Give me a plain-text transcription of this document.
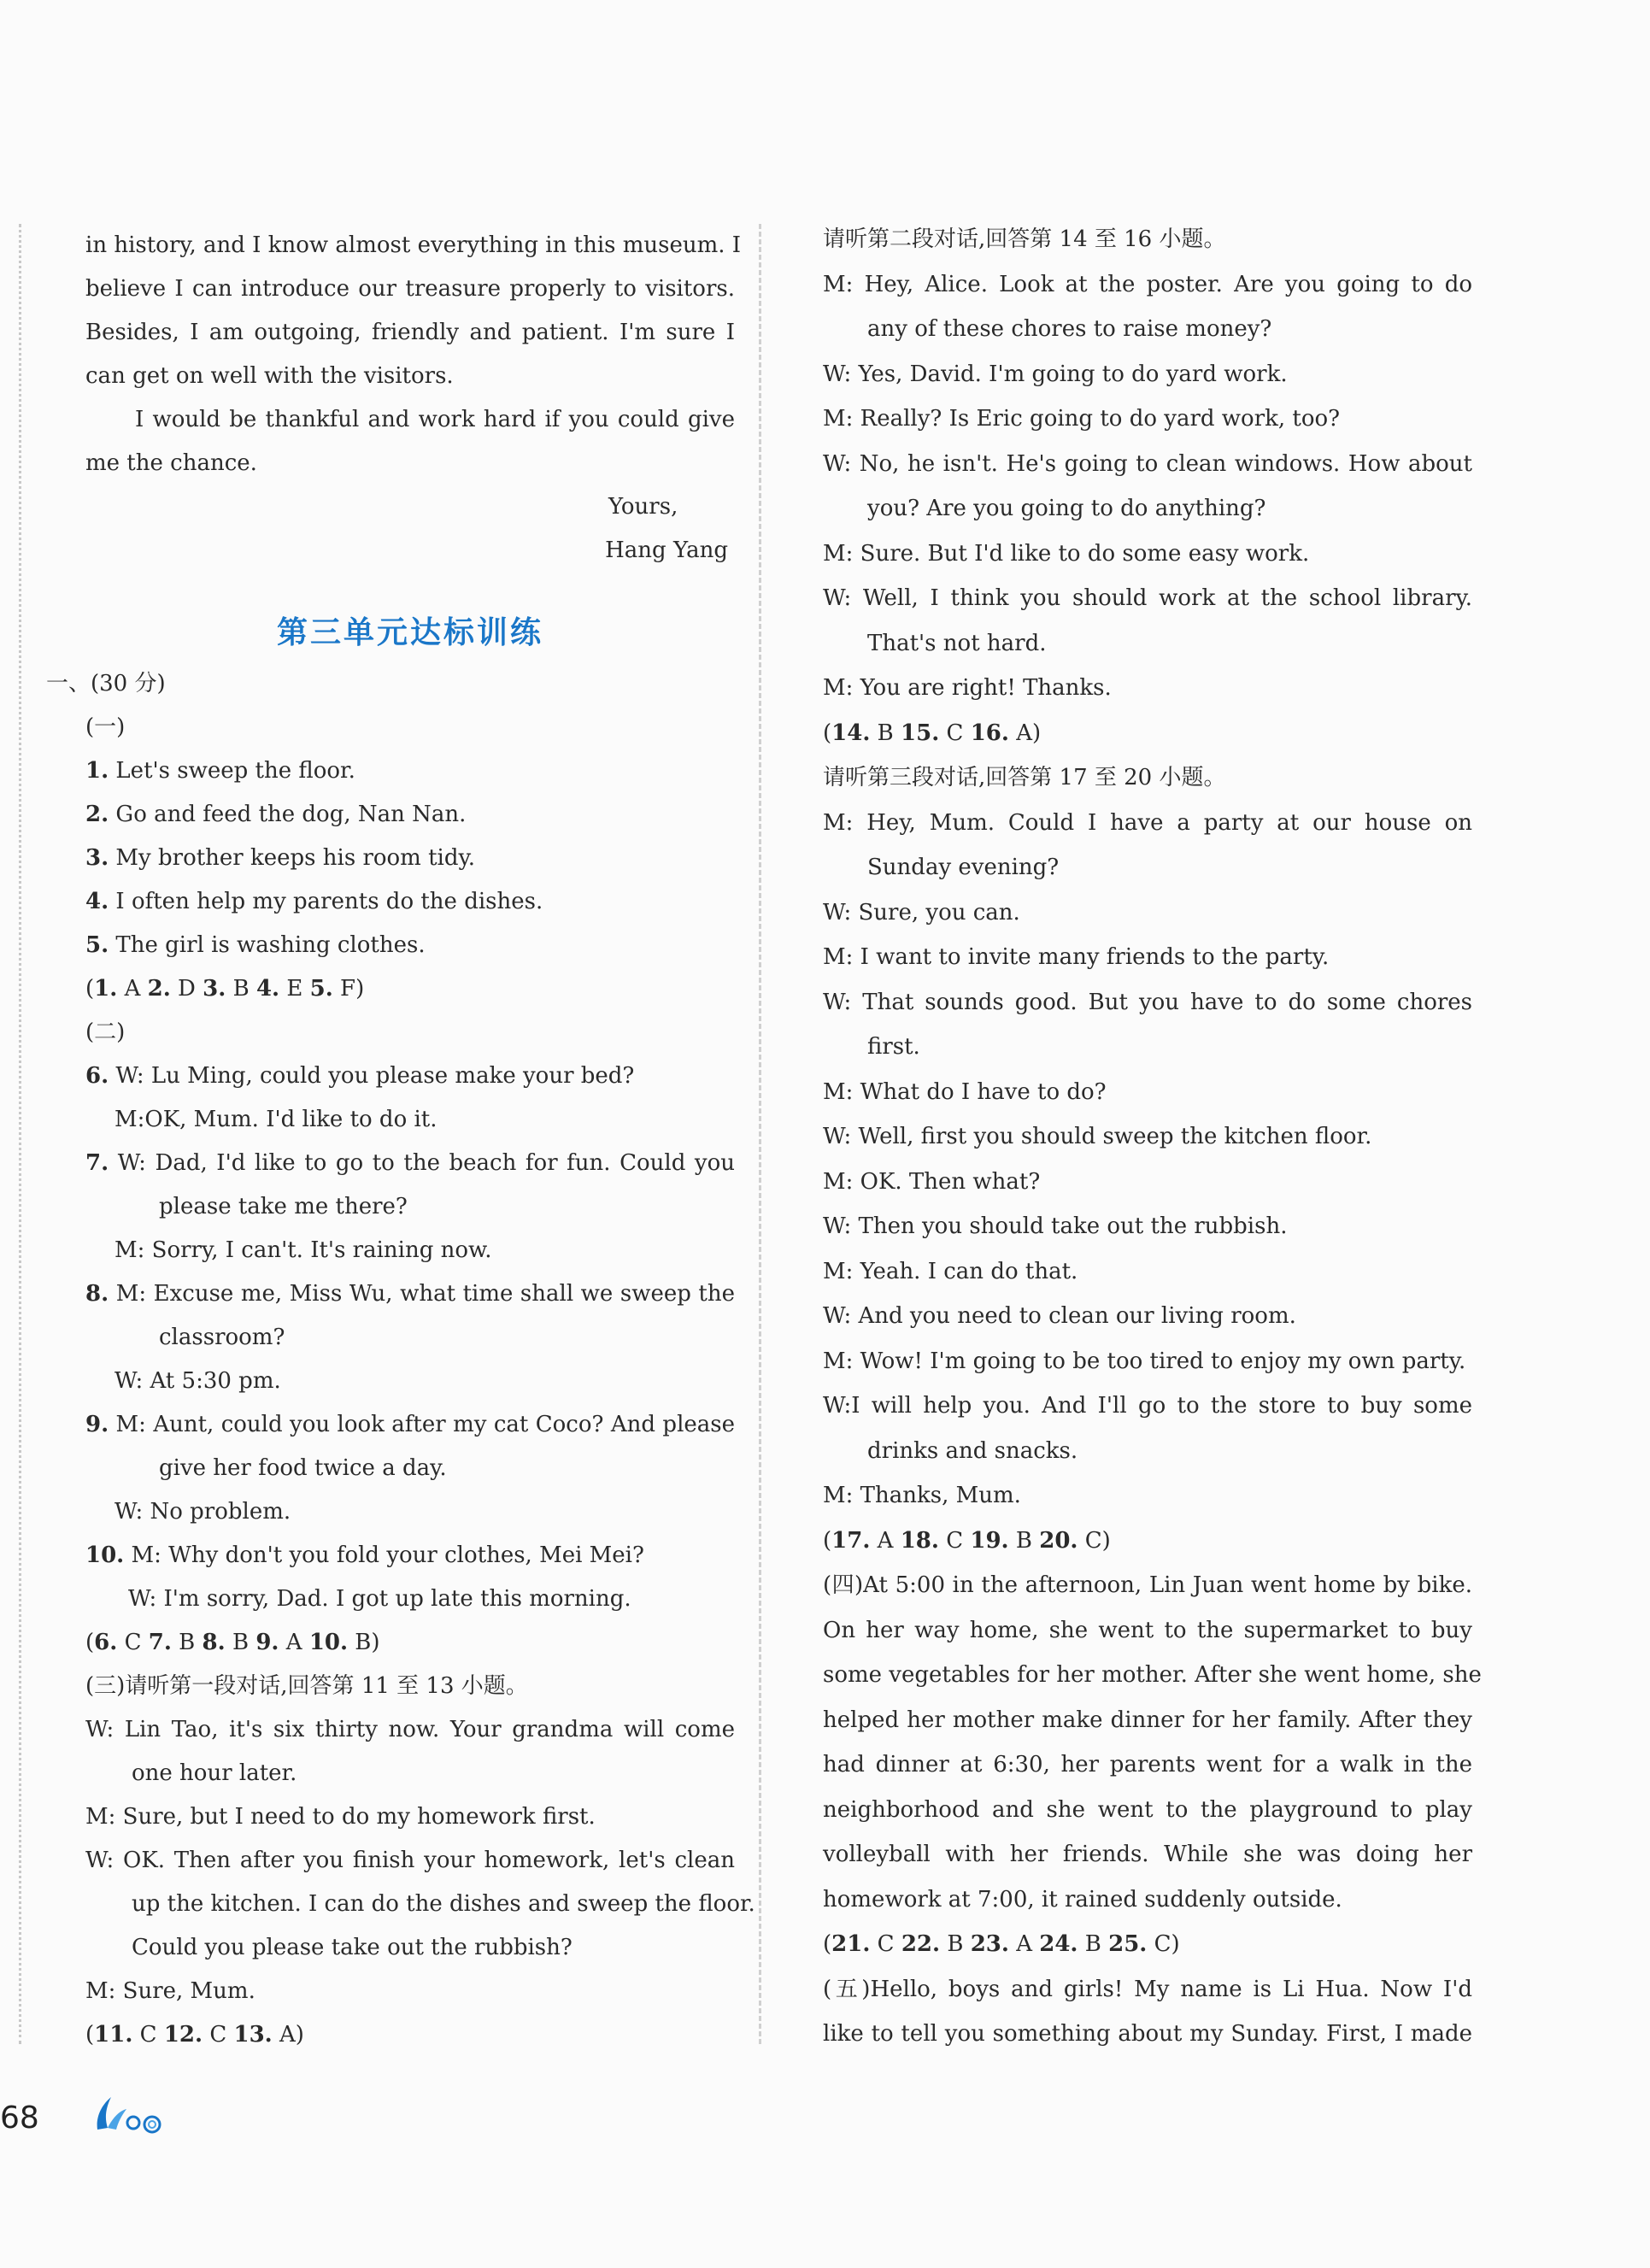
in history, and I know almost everything in this museum. I
believe I can introduce our treasure properly to visitors.
Besides, I am outgoing, friendly and patient. I'm sure I
can get on well with the visitors.
I would be thankful and work hard if you could give
me the chance.
Yours,
Hang Yang
第三单元达标训练
一、(30 分)
(一)
1. Let's sweep the floor.
2. Go and feed the dog, Nan Nan.
3. My brother keeps his room tidy.
4. I often help my parents do the dishes.
5. The girl is washing clothes.
(1. A 2. D 3. B 4. E 5. F)
(二)
6. W: Lu Ming, could you please make your bed?
M:OK, Mum. I'd like to do it.
7. W: Dad, I'd like to go to the beach for fun. Could you
please take me there?
M: Sorry, I can't. It's raining now.
8. M: Excuse me, Miss Wu, what time shall we sweep the
classroom?
W: At 5:30 pm.
9. M: Aunt, could you look after my cat Coco? And please
give her food twice a day.
W: No problem.
10. M: Why don't you fold your clothes, Mei Mei?
W: I'm sorry, Dad. I got up late this morning.
(6. C 7. B 8. B 9. A 10. B)
(三)请听第一段对话,回答第 11 至 13 小题。
W: Lin Tao, it's six thirty now. Your grandma will come
one hour later.
M: Sure, but I need to do my homework first.
W: OK. Then after you finish your homework, let's clean
up the kitchen. I can do the dishes and sweep the floor.
Could you please take out the rubbish?
M: Sure, Mum.
(11. C 12. C 13. A)
请听第二段对话,回答第 14 至 16 小题。
M: Hey, Alice. Look at the poster. Are you going to do
any of these chores to raise money?
W: Yes, David. I'm going to do yard work.
M: Really? Is Eric going to do yard work, too?
W: No, he isn't. He's going to clean windows. How about
you? Are you going to do anything?
M: Sure. But I'd like to do some easy work.
W: Well, I think you should work at the school library.
That's not hard.
M: You are right! Thanks.
(14. B 15. C 16. A)
请听第三段对话,回答第 17 至 20 小题。
M: Hey, Mum. Could I have a party at our house on
Sunday evening?
W: Sure, you can.
M: I want to invite many friends to the party.
W: That sounds good. But you have to do some chores
first.
M: What do I have to do?
W: Well, first you should sweep the kitchen floor.
M: OK. Then what?
W: Then you should take out the rubbish.
M: Yeah. I can do that.
W: And you need to clean our living room.
M: Wow! I'm going to be too tired to enjoy my own party.
W:I will help you. And I'll go to the store to buy some
drinks and snacks.
M: Thanks, Mum.
(17. A 18. C 19. B 20. C)
(四)At 5:00 in the afternoon, Lin Juan went home by bike.
On her way home, she went to the supermarket to buy
some vegetables for her mother. After she went home, she
helped her mother make dinner for her family. After they
had dinner at 6:30, her parents went for a walk in the
neighborhood and she went to the playground to play
volleyball with her friends. While she was doing her
homework at 7:00, it rained suddenly outside.
(21. C 22. B 23. A 24. B 25. C)
(五)Hello, boys and girls! My name is Li Hua. Now I'd
like to tell you something about my Sunday. First, I made
68
